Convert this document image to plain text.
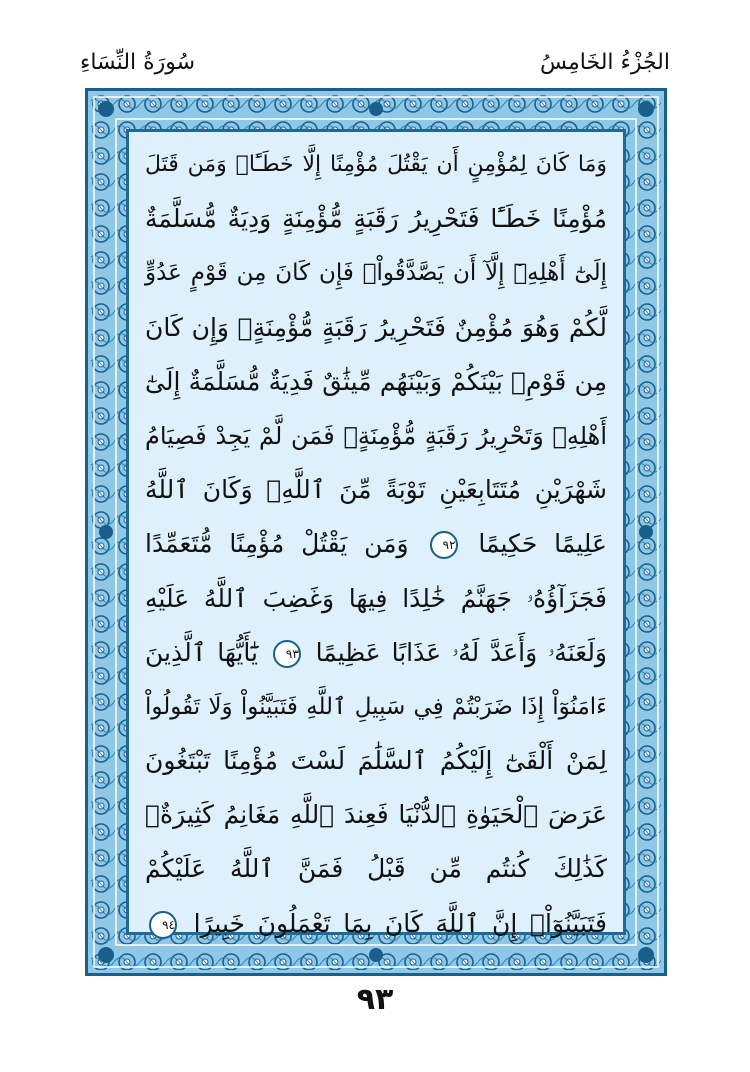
الجُزْءُ الخَامِسُ
سُورَةُ النِّسَاءِ
وَمَا كَانَ لِمُؤْمِنٍ أَن يَقْتُلَ مُؤْمِنًا إِلَّا خَطَـًٔاۚ وَمَن قَتَلَ
مُؤْمِنًا خَطَـًٔا فَتَحْرِيرُ رَقَبَةٍ مُّؤْمِنَةٍ وَدِيَةٌ مُّسَلَّمَةٌ
إِلَىٰٓ أَهْلِهِۦٓ إِلَّآ أَن يَصَّدَّقُواْۚ فَإِن كَانَ مِن قَوْمٍ عَدُوٍّ
لَّكُمْ وَهُوَ مُؤْمِنٌ فَتَحْرِيرُ رَقَبَةٍ مُّؤْمِنَةٍۖ وَإِن كَانَ
مِن قَوْمِۭ بَيْنَكُمْ وَبَيْنَهُم مِّيثَٰقٌ فَدِيَةٌ مُّسَلَّمَةٌ إِلَىٰٓ
أَهْلِهِۦ وَتَحْرِيرُ رَقَبَةٍ مُّؤْمِنَةٍۖ فَمَن لَّمْ يَجِدْ فَصِيَامُ
شَهْرَيْنِ مُتَتَابِعَيْنِ تَوْبَةً مِّنَ ٱللَّهِۗ وَكَانَ ٱللَّهُ
عَلِيمًا حَكِيمًا ٩٢ وَمَن يَقْتُلْ مُؤْمِنًا مُّتَعَمِّدًا
فَجَزَآؤُهُۥ جَهَنَّمُ خَٰلِدًا فِيهَا وَغَضِبَ ٱللَّهُ عَلَيْهِ
وَلَعَنَهُۥ وَأَعَدَّ لَهُۥ عَذَابًا عَظِيمًا ٩٣ يَٰٓأَيُّهَا ٱلَّذِينَ
ءَامَنُوٓاْ إِذَا ضَرَبْتُمْ فِي سَبِيلِ ٱللَّهِ فَتَبَيَّنُواْ وَلَا تَقُولُواْ
لِمَنْ أَلْقَىٰٓ إِلَيْكُمُ ٱلسَّلَٰمَ لَسْتَ مُؤْمِنًا تَبْتَغُونَ
عَرَضَ ٱلْحَيَوٰةِ ٱلدُّنْيَا فَعِندَ ٱللَّهِ مَغَانِمُ كَثِيرَةٌۚ
كَذَٰلِكَ كُنتُم مِّن قَبْلُ فَمَنَّ ٱللَّهُ عَلَيْكُمْ
فَتَبَيَّنُوٓاْۚ إِنَّ ٱللَّهَ كَانَ بِمَا تَعْمَلُونَ خَبِيرًا ٩٤
٩٣
